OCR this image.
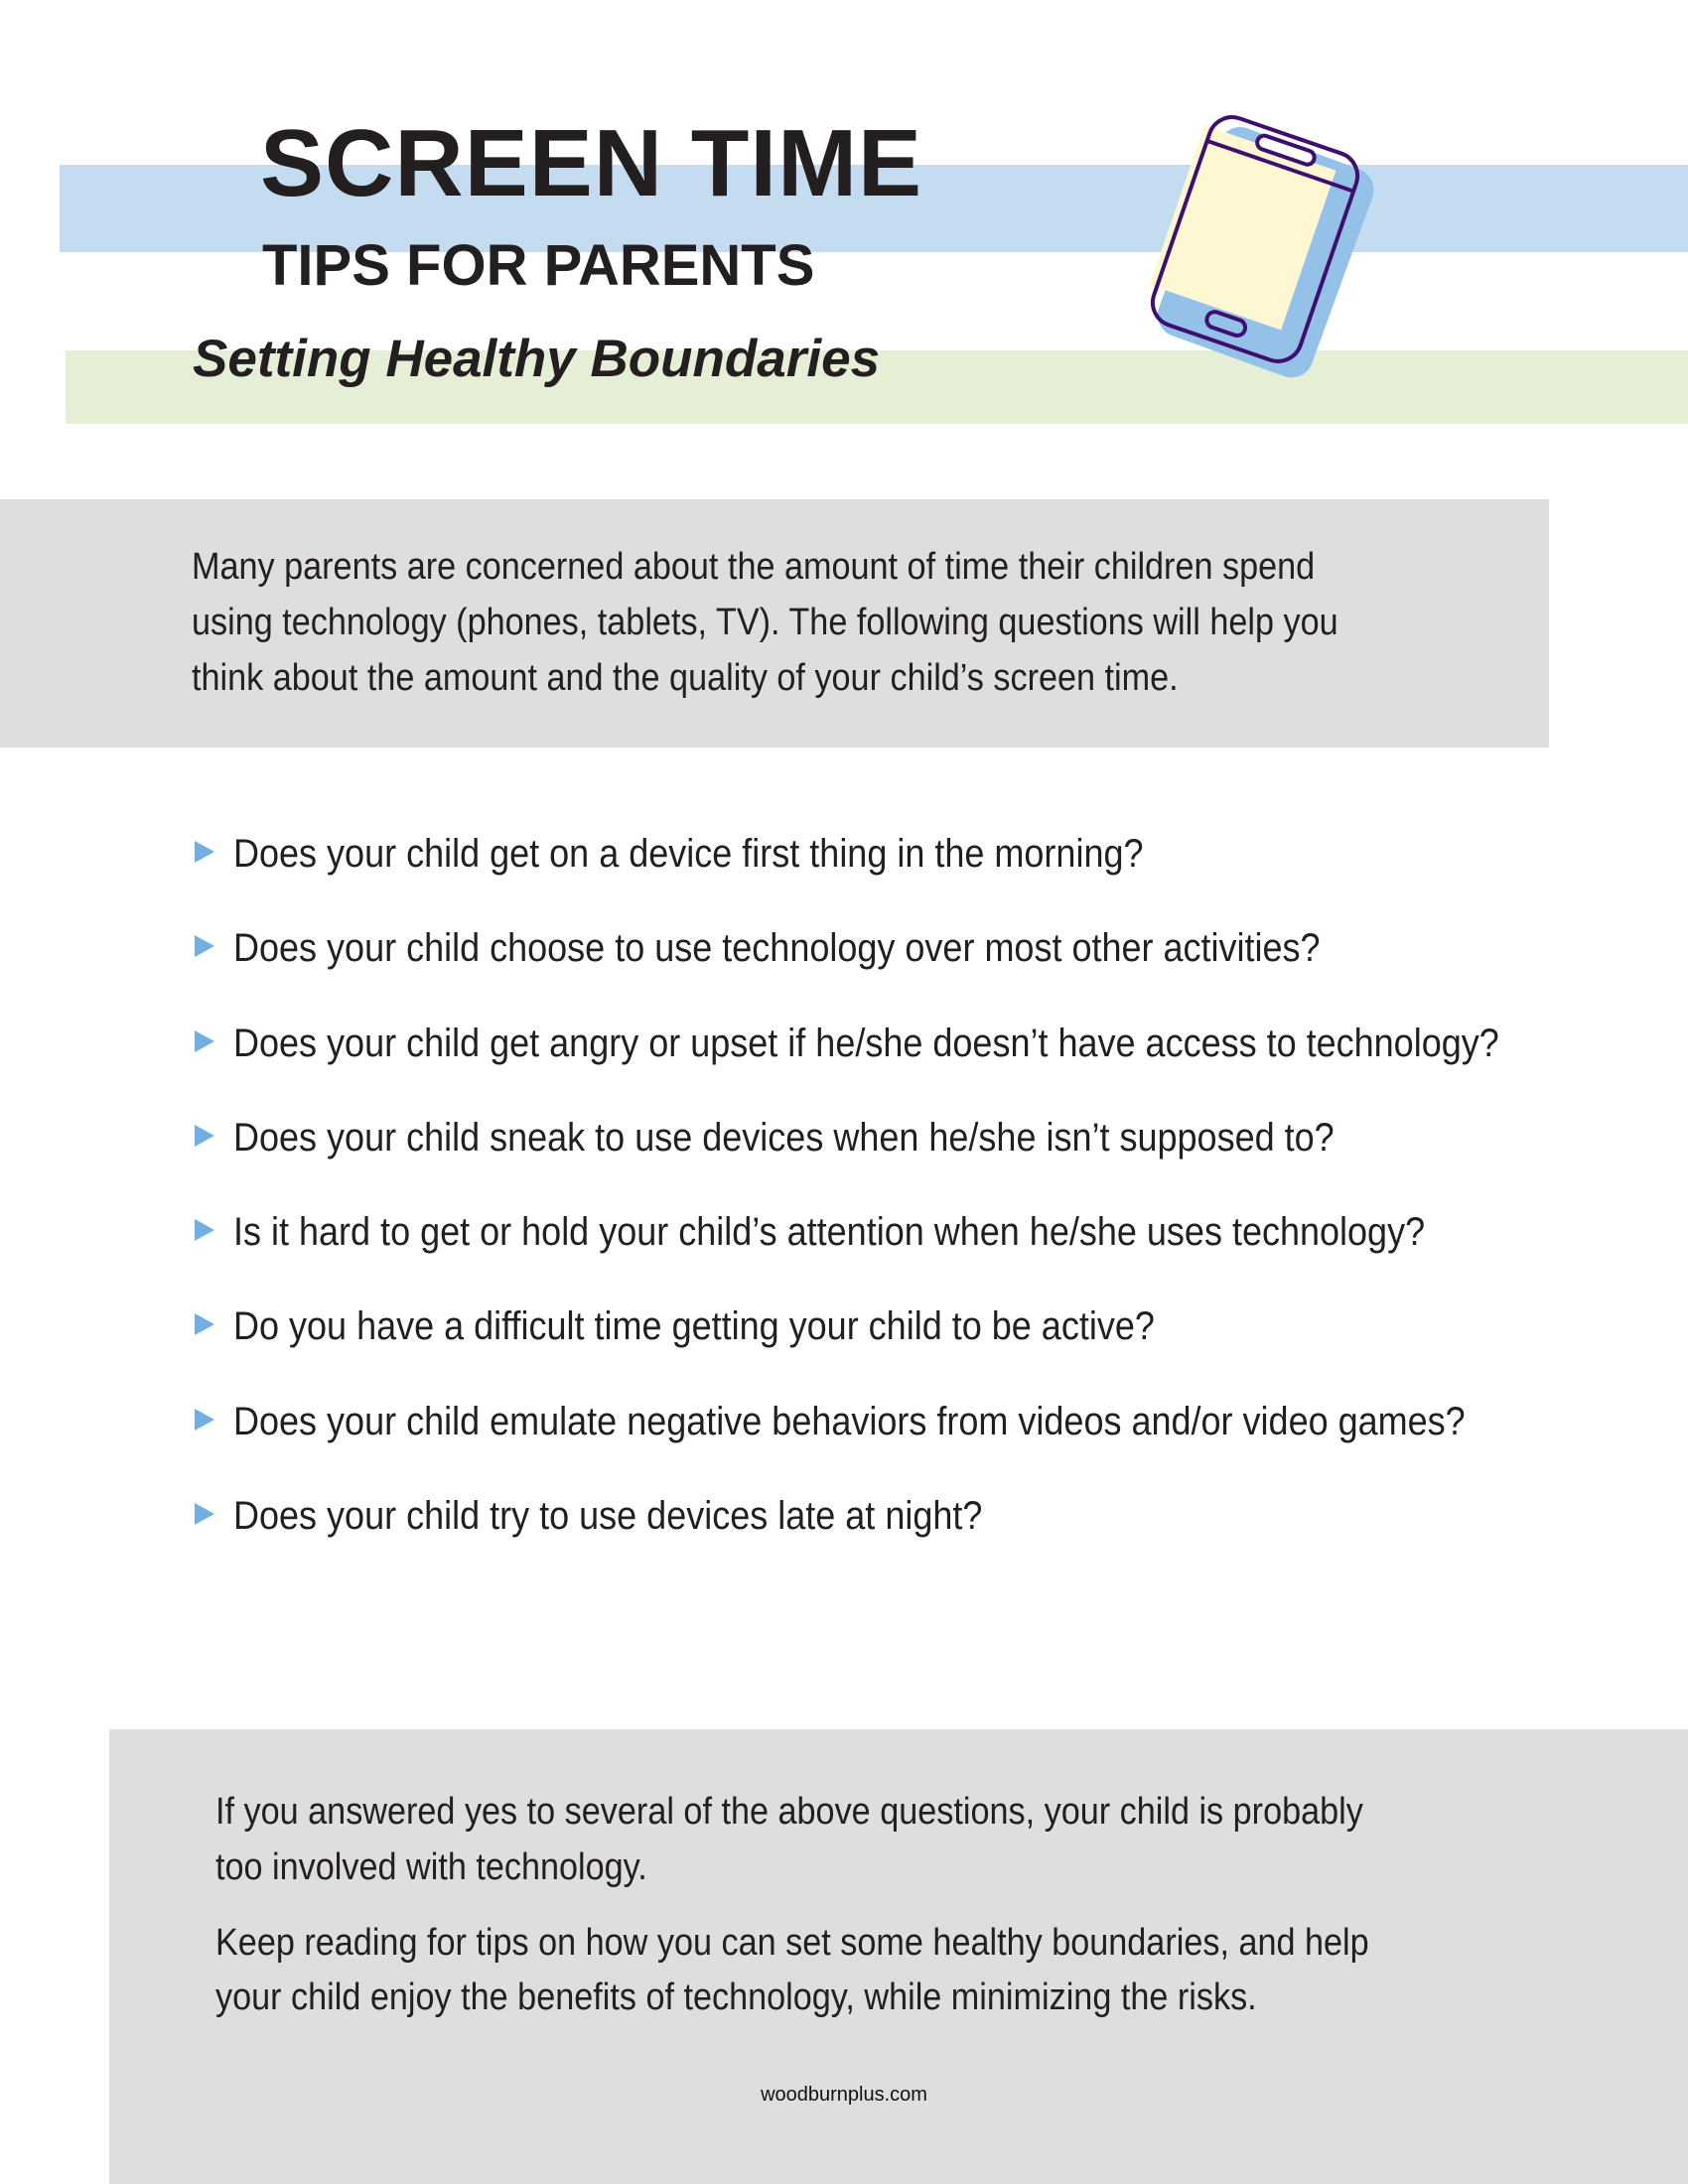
SCREEN TIME
TIPS FOR PARENTS
Setting Healthy Boundaries
Many parents are concerned about the amount of time their children spend
using technology (phones, tablets, TV). The following questions will help you
think about the amount and the quality of your child’s screen time.
Does your child get on a device first thing in the morning?
Does your child choose to use technology over most other activities?
Does your child get angry or upset if he/she doesn’t have access to technology?
Does your child sneak to use devices when he/she isn’t supposed to?
Is it hard to get or hold your child’s attention when he/she uses technology?
Do you have a difficult time getting your child to be active?
Does your child emulate negative behaviors from videos and/or video games?
Does your child try to use devices late at night?
If you answered yes to several of the above questions, your child is probably
too involved with technology.
Keep reading for tips on how you can set some healthy boundaries, and help
your child enjoy the benefits of technology, while minimizing the risks.
woodburnplus.com
